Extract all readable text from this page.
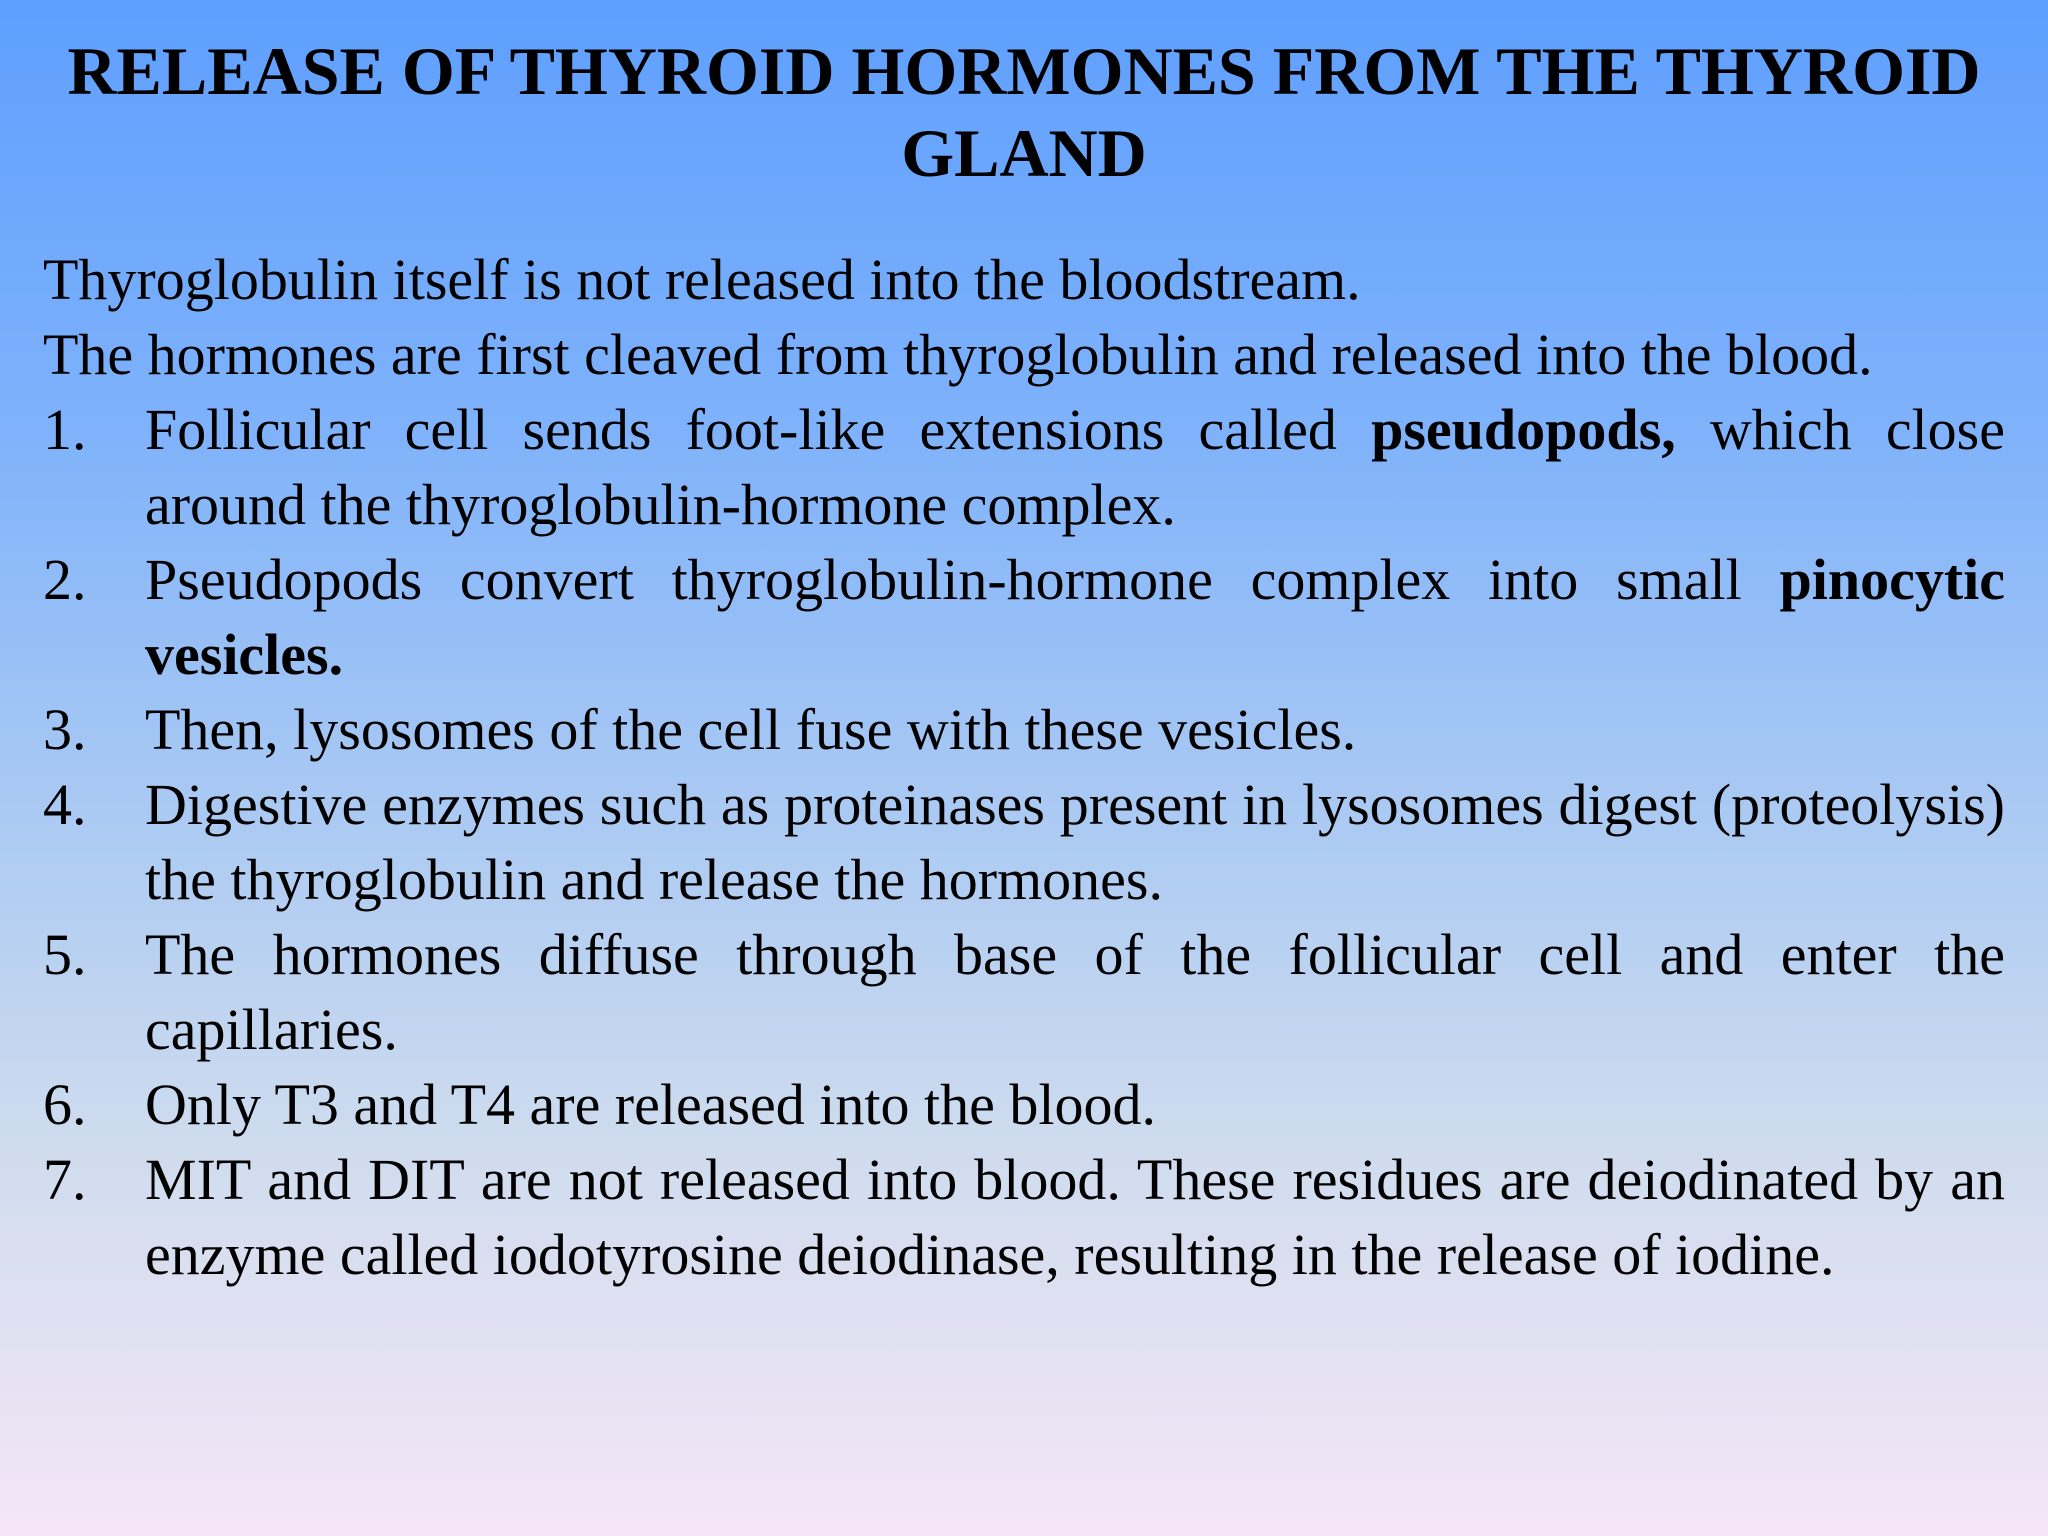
RELEASE OF THYROID HORMONES FROM THE THYROID GLAND

Thyroglobulin itself is not released into the bloodstream.

The hormones are first cleaved from thyroglobulin and released into the blood.

1.	Follicular cell sends foot-like extensions called pseudopods, which close around the thyroglobulin-hormone complex.
2.	Pseudopods convert thyroglobulin-hormone complex into small pinocytic vesicles.
3.	Then, lysosomes of the cell fuse with these vesicles.
4.	Digestive enzymes such as proteinases present in lysosomes digest (proteolysis) the thyroglobulin and release the hormones.
5.	The hormones diffuse through base of the follicular cell and enter the capillaries.
6.	Only T3 and T4 are released into the blood.
7.	MIT and DIT are not released into blood. These residues are deiodinated by an enzyme called iodotyrosine deiodinase, resulting in the release of iodine.
